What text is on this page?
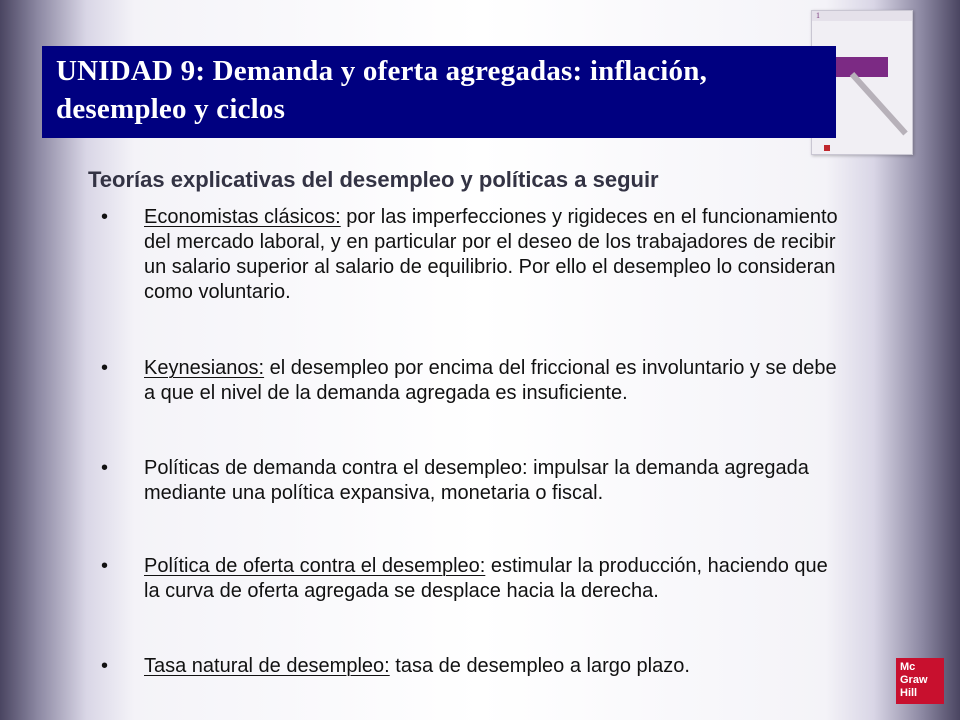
1
UNIDAD 9: Demanda y oferta agregadas: inflación, desempleo y ciclos
Teorías explicativas del desempleo y políticas a seguir
• Economistas clásicos: por las imperfecciones y rigideces en el funcionamiento del mercado laboral, y en particular por el deseo de los trabajadores de recibir un salario superior al salario de equilibrio. Por ello el desempleo lo consideran como voluntario.
• Keynesianos: el desempleo por encima del friccional es involuntario y se debe a que el nivel de la demanda agregada es insuficiente.
• Políticas de demanda contra el desempleo: impulsar la demanda agregada mediante una política expansiva, monetaria o fiscal.
• Política de oferta contra el desempleo: estimular la producción, haciendo que la curva de oferta agregada se desplace hacia la derecha.
• Tasa natural de desempleo: tasa de desempleo a largo plazo.	Mc
Graw
Hill
